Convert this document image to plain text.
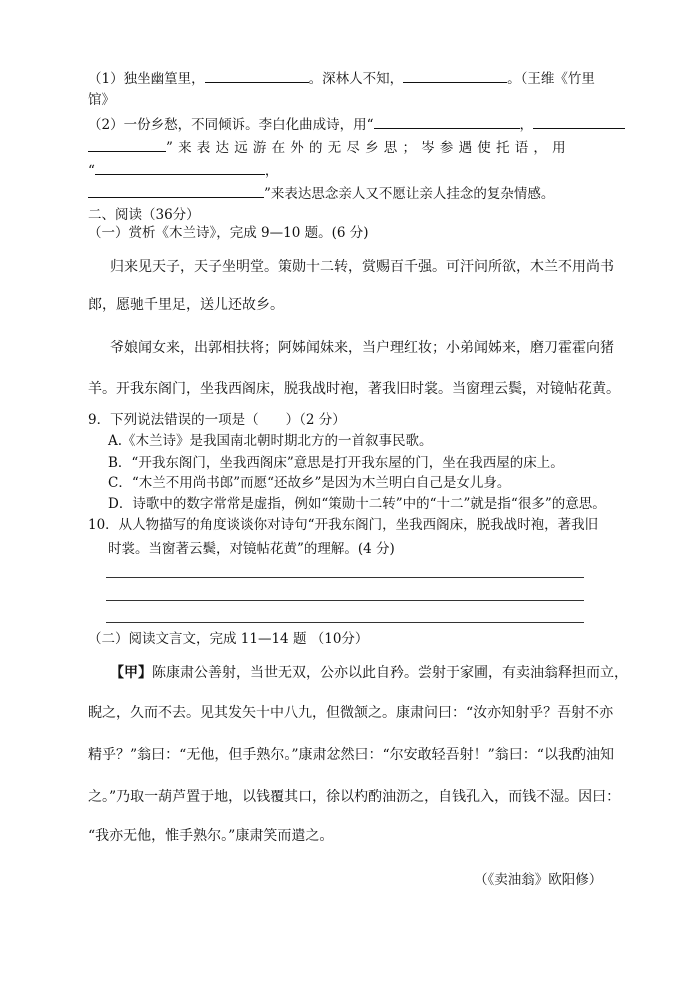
（1）独坐幽篁里，	。深林人不知，	。（王维《竹里
馆》
（2）一份乡愁，不同倾诉。李白化曲成诗，用“	，
”来表达远游在外的无尽乡思；岑参遇使托语，用
“	，
”来表达思念亲人又不愿让亲人挂念的复杂情感。
二、阅读（36分）
（一）赏析《木兰诗》，完成 9—10 题。(6 分)
归来见天子，天子坐明堂。策勋十二转，赏赐百千强。可汗问所欲，木兰不用尚书
郎，愿驰千里足，送儿还故乡。
爷娘闻女来，出郭相扶将；阿姊闻妹来，当户理红妆；小弟闻姊来，磨刀霍霍向猪
羊。开我东阁门，坐我西阁床，脱我战时袍，著我旧时裳。当窗理云鬓，对镜帖花黄。
9．下列说法错误的一项是（　　）（2 分）
A.《木兰诗》是我国南北朝时期北方的一首叙事民歌。
B．“开我东阁门，坐我西阁床”意思是打开我东屋的门，坐在我西屋的床上。
C．“木兰不用尚书郎”而愿“还故乡”是因为木兰明白自己是女儿身。
D．诗歌中的数字常常是虚指，例如“策勋十二转”中的“十二”就是指“很多”的意思。
10．从人物描写的角度谈谈你对诗句“开我东阁门，坐我西阁床，脱我战时袍，著我旧
时裳。当窗著云鬓，对镜帖花黄”的理解。(4 分)
（二）阅读文言文，完成 11—14 题 （10分）
【甲】陈康肃公善射，当世无双，公亦以此自矜。尝射于家圃，有卖油翁释担而立，
睨之，久而不去。见其发矢十中八九，但微颔之。康肃问曰：“汝亦知射乎？吾射不亦
精乎？”翁曰：“无他，但手熟尔。”康肃忿然曰：“尔安敢轻吾射！”翁曰：“以我酌油知
之。”乃取一葫芦置于地，以钱覆其口，徐以杓酌油沥之，自钱孔入，而钱不湿。因曰：
“我亦无他，惟手熟尔。”康肃笑而遣之。
（《卖油翁》欧阳修）
